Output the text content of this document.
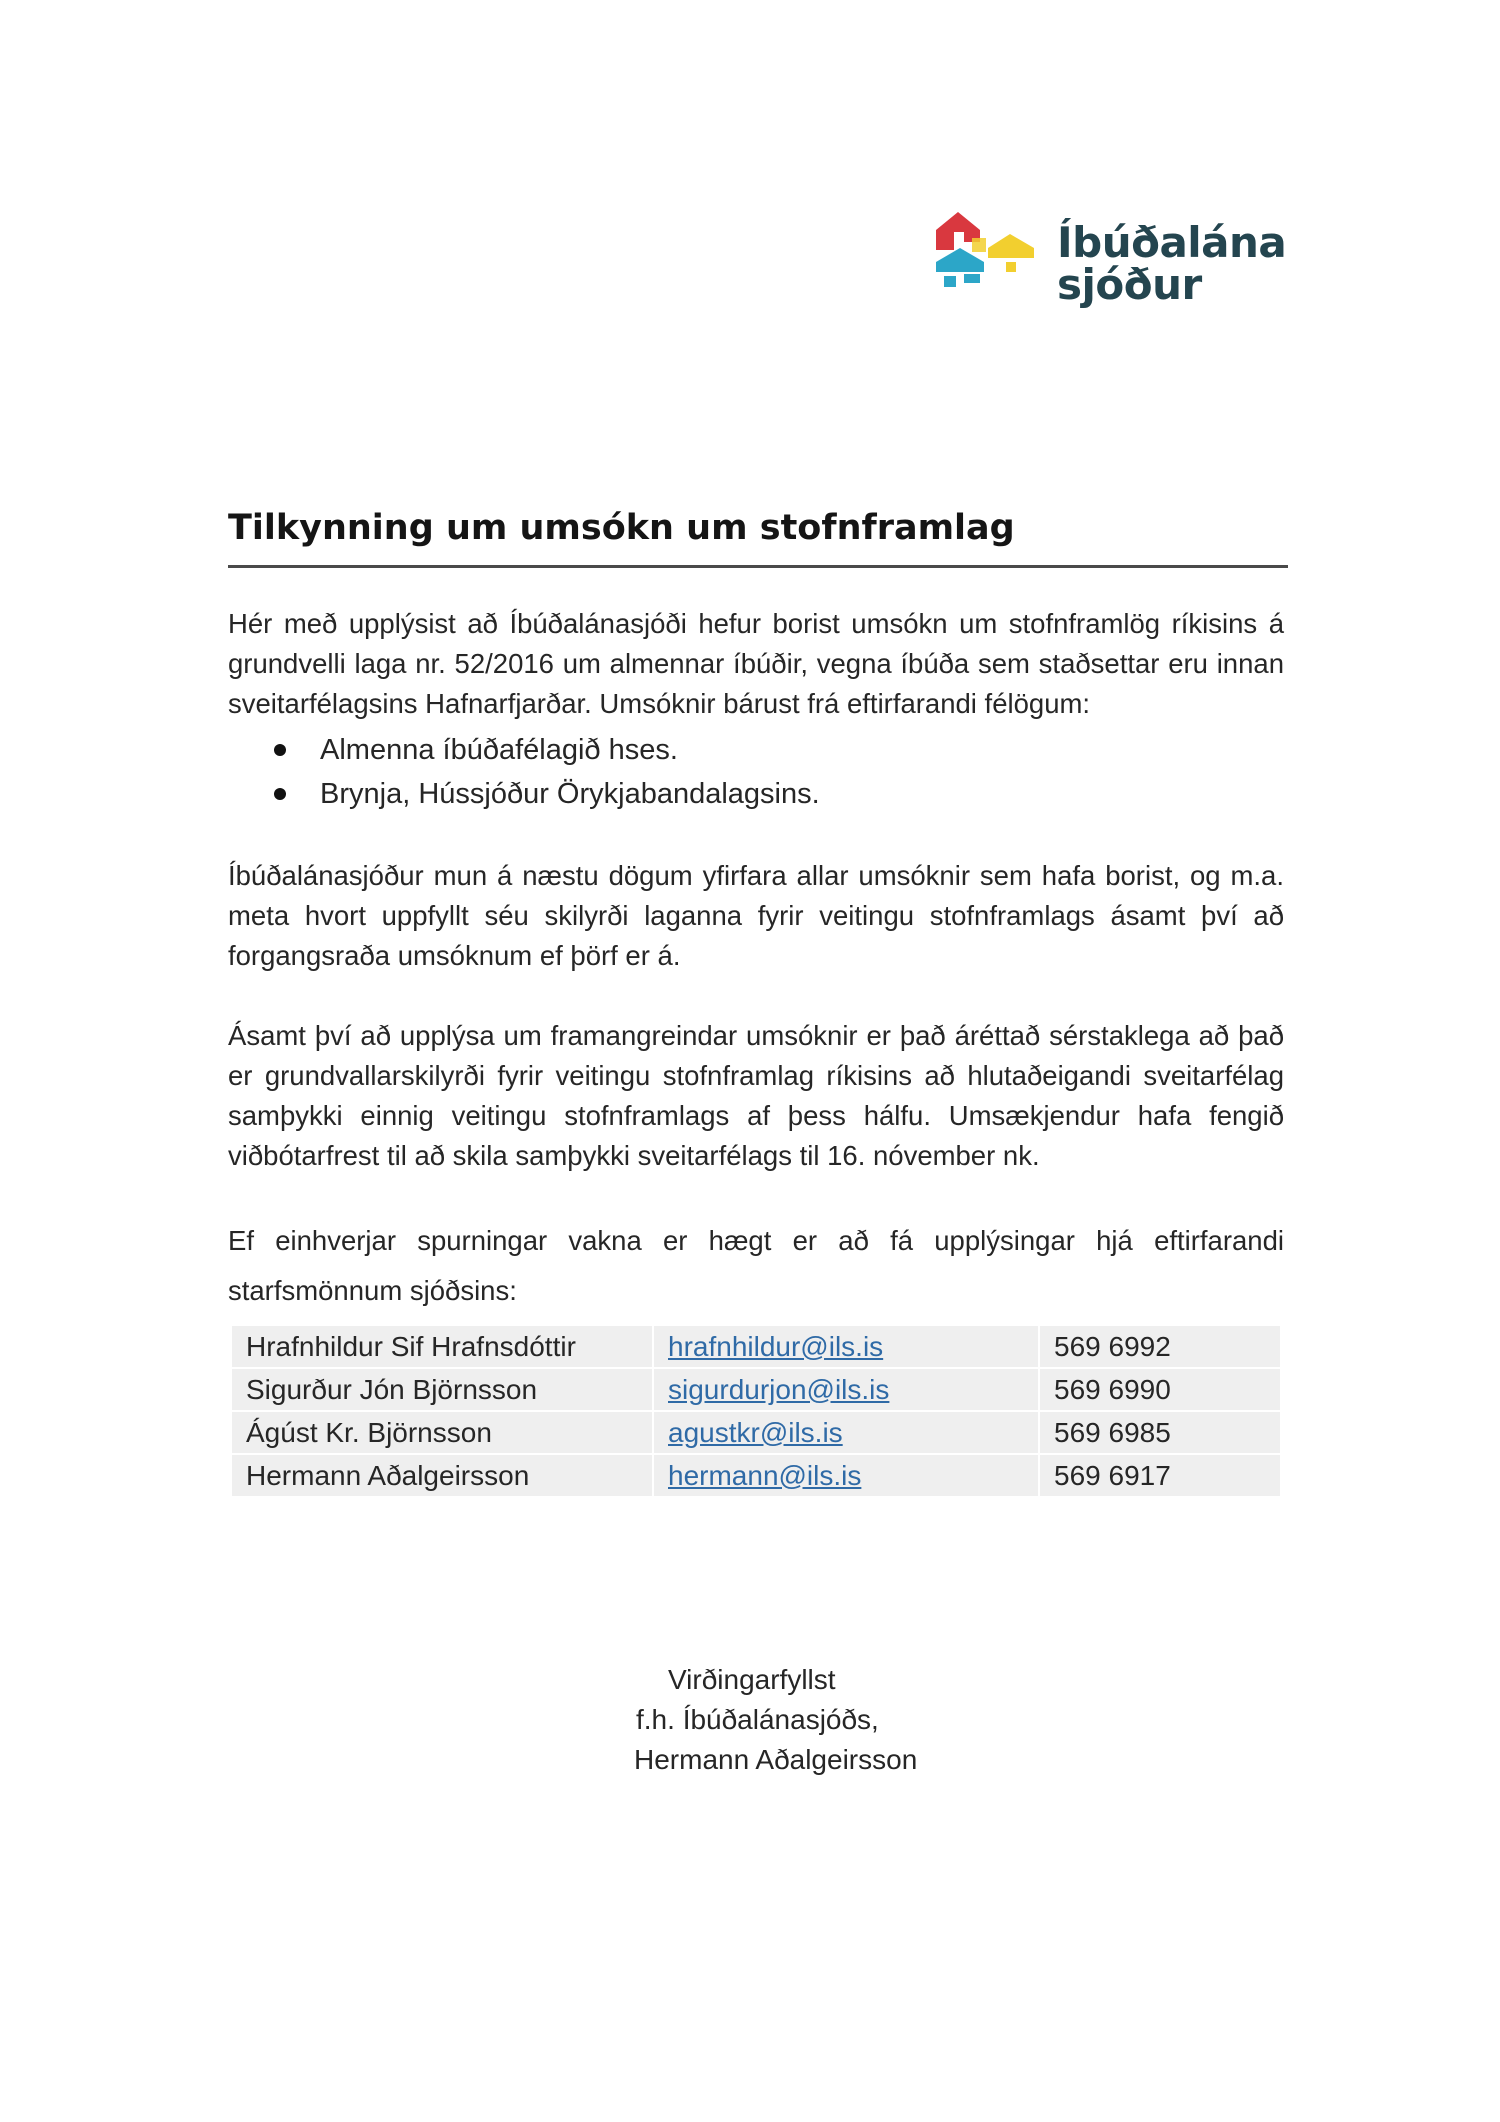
Íbúðalána
sjóður
Tilkynning um umsókn um stofnframlag

Hér með upplýsist að Íbúðalánasjóði hefur borist umsókn um stofnframlög ríkisins á grundvelli laga nr. 52/2016 um almennar íbúðir, vegna íbúða sem staðsettar eru innan sveitarfélagsins Hafnarfjarðar. Umsóknir bárust frá eftirfarandi félögum:

Almenna íbúðafélagið hses.
Brynja, Hússjóður Örykjabandalagsins.

Íbúðalánasjóður mun á næstu dögum yfirfara allar umsóknir sem hafa borist, og m.a. meta hvort uppfyllt séu skilyrði laganna fyrir veitingu stofnframlags ásamt því að forgangsraða umsóknum ef þörf er á.

Ásamt því að upplýsa um framangreindar umsóknir er það áréttað sérstaklega að það er grundvallarskilyrði fyrir veitingu stofnframlag ríkisins að hlutaðeigandi sveitarfélag samþykki einnig veitingu stofnframlags af þess hálfu. Umsækjendur hafa fengið viðbótarfrest til að skila samþykki sveitarfélags til 16. nóvember nk.

Ef einhverjar spurningar vakna er hægt er að fá upplýsingar hjá eftirfarandi starfsmönnum sjóðsins:

Hrafnhildur Sif Hrafnsdóttir	hrafnhildur@ils.is	569 6992
Sigurður Jón Björnsson	sigurdurjon@ils.is	569 6990
Ágúst Kr. Björnsson	agustkr@ils.is	569 6985
Hermann Aðalgeirsson	hermann@ils.is	569 6917
Virðingarfyllst
f.h. Íbúðalánasjóðs,
Hermann Aðalgeirsson
